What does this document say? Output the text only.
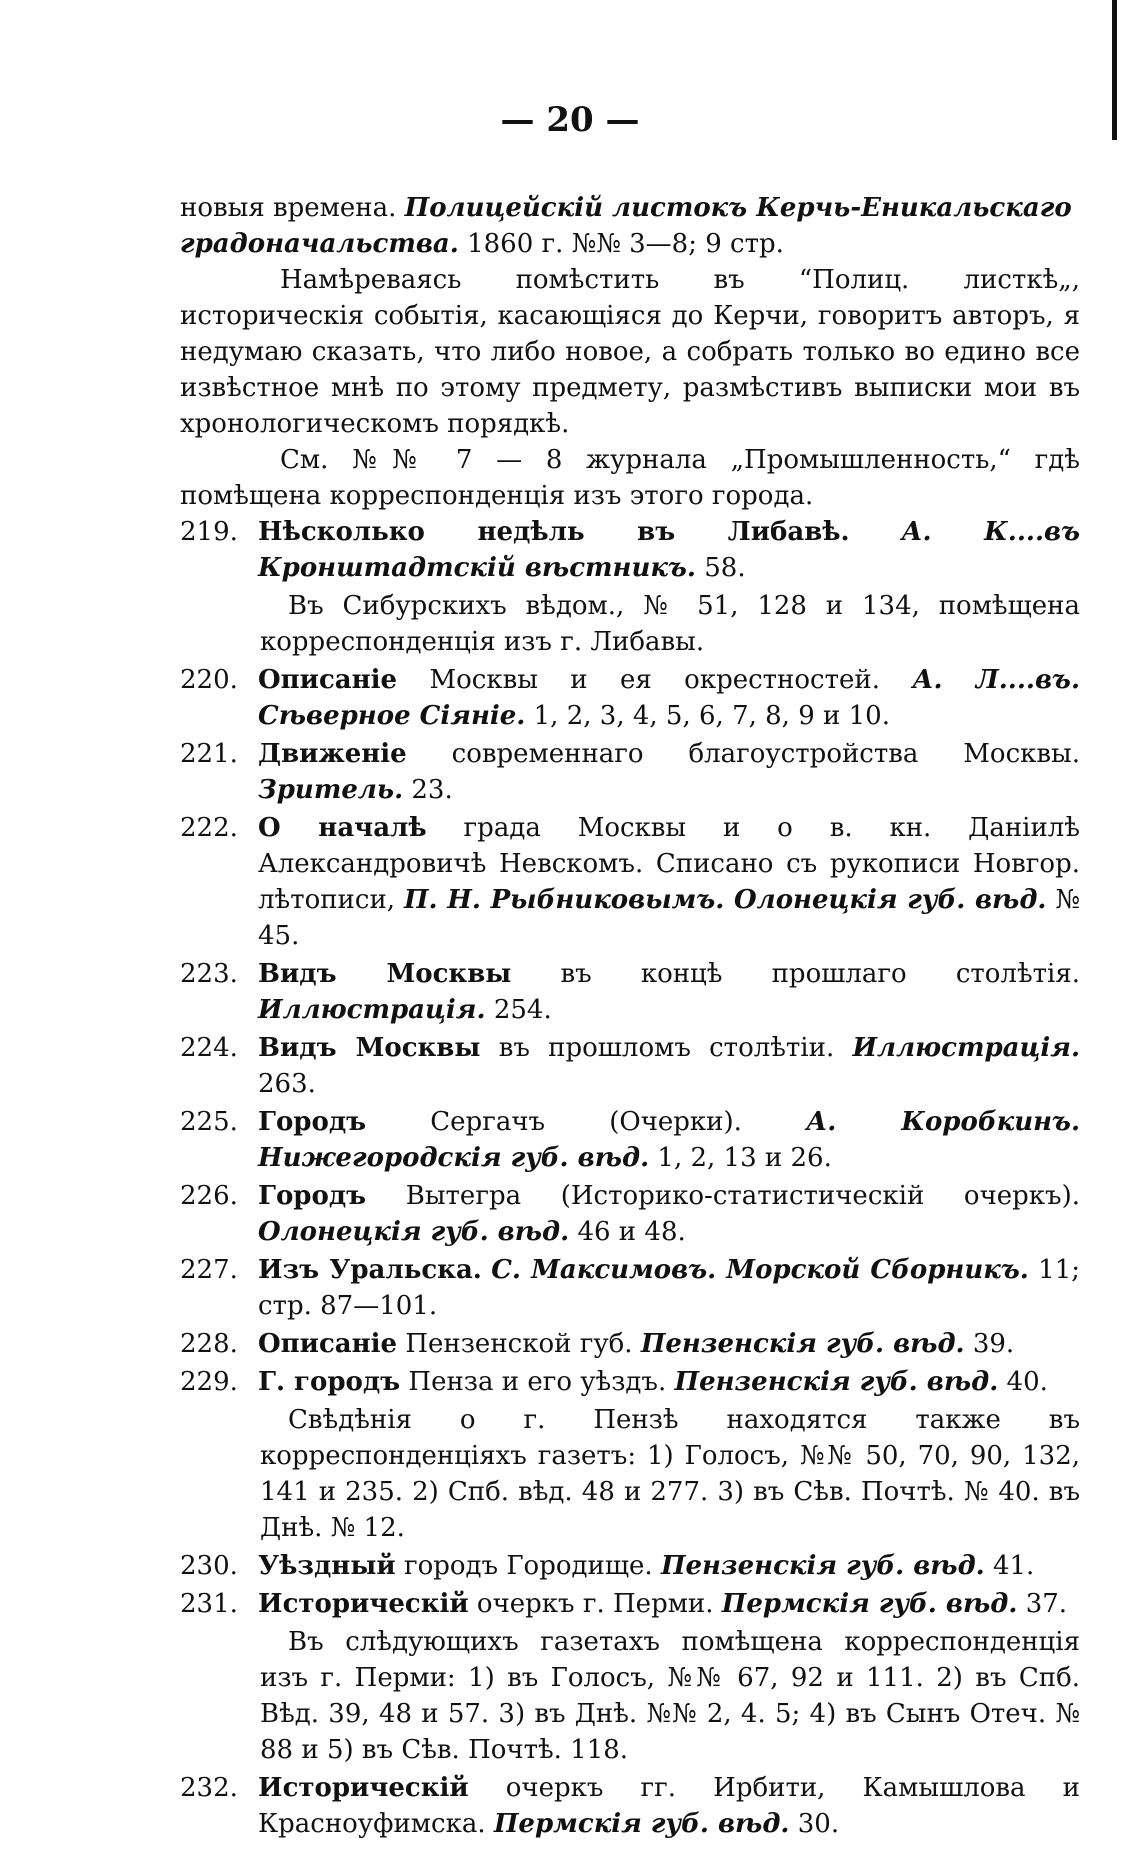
— 20 —

новыя времена. Полицейскій листокъ Керчь-Еникальскаго градоначальства. 1860 г. №№ 3—8; 9 стр.

Намѣреваясь помѣстить въ “Полиц. листкѣ„, историческія событія, касающіяся до Керчи, говоритъ авторъ, я недумаю сказать, что либо новое, а собрать только во едино все извѣстное мнѣ по этому предмету, размѣстивъ выписки мои въ хронологическомъ порядкѣ.

См. №№ 7 — 8 журнала „Промышленность,“ гдѣ помѣщена корреспонденція изъ этого города.

219. Нѣсколько недѣль въ Либавѣ. А. К....въ Кронштадтскій вѣстникъ. 58.

Въ Сибурскихъ вѣдом., № 51, 128 и 134, помѣщена корреспонденція изъ г. Либавы.

220. Описаніе Москвы и ея окрестностей. А. Л....въ. Сѣверное Сіяніе. 1, 2, 3, 4, 5, 6, 7, 8, 9 и 10.
221. Движеніе современнаго благоустройства Москвы. Зритель. 23.
222. О началѣ града Москвы и о в. кн. Даніилѣ Александровичѣ Невскомъ. Списано съ рукописи Новгор. лѣтописи, П. Н. Рыбниковымъ. Олонецкія губ. вѣд. № 45.
223. Видъ Москвы въ концѣ прошлаго столѣтія. Иллюстрація. 254.
224. Видъ Москвы въ прошломъ столѣтіи. Иллюстрація. 263.
225. Городъ Сергачъ (Очерки). А. Коробкинъ. Нижегородскія губ. вѣд. 1, 2, 13 и 26.
226. Городъ Вытегра (Историко-статистическій очеркъ). Олонецкія губ. вѣд. 46 и 48.
227. Изъ Уральска. С. Максимовъ. Морской Сборникъ. 11; стр. 87—101.
228. Описаніе Пензенской губ. Пензенскія губ. вѣд. 39.
229. Г. городъ Пенза и его уѣздъ. Пензенскія губ. вѣд. 40.

Свѣдѣнія о г. Пензѣ находятся также въ корреспонденціяхъ газетъ: 1) Голосъ, №№ 50, 70, 90, 132, 141 и 235. 2) Спб. вѣд. 48 и 277. 3) въ Сѣв. Почтѣ. № 40. въ Днѣ. № 12.

230. Уѣздный городъ Городище. Пензенскія губ. вѣд. 41.
231. Историческій очеркъ г. Перми. Пермскія губ. вѣд. 37.

Въ слѣдующихъ газетахъ помѣщена корреспонденція изъ г. Перми: 1) въ Голосъ, №№ 67, 92 и 111. 2) въ Спб. Вѣд. 39, 48 и 57. 3) въ Днѣ. №№ 2, 4. 5; 4) въ Сынъ Отеч. № 88 и 5) въ Сѣв. Почтѣ. 118.

232. Историческій очеркъ гг. Ирбити, Камышлова и Красноуфимска. Пермскія губ. вѣд. 30.
